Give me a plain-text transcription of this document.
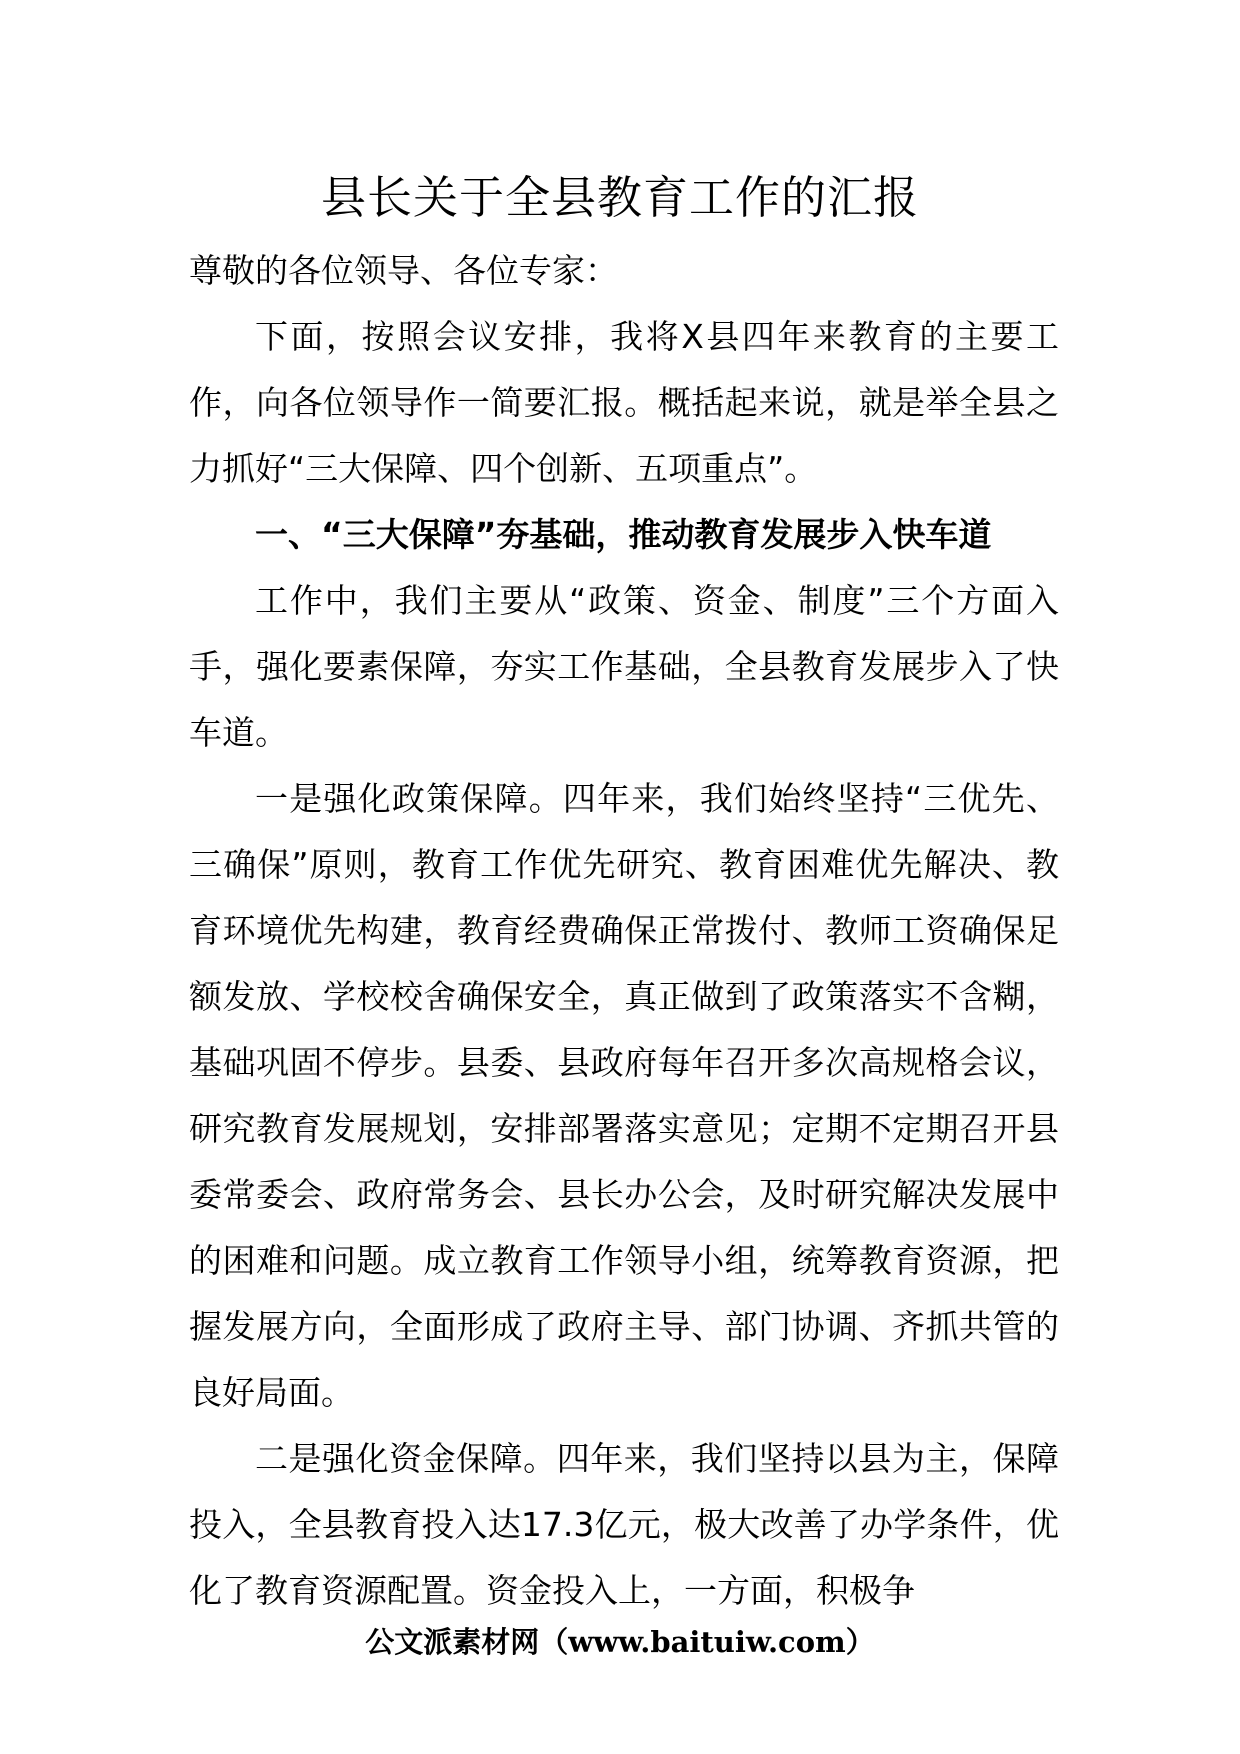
县长关于全县教育工作的汇报

尊敬的各位领导、各位专家：

下面，按照会议安排，我将X县四年来教育的主要工作，向各位领导作一简要汇报。概括起来说，就是举全县之力抓好“三大保障、四个创新、五项重点”。

一、“三大保障”夯基础，推动教育发展步入快车道

工作中，我们主要从“政策、资金、制度”三个方面入手，强化要素保障，夯实工作基础，全县教育发展步入了快车道。

一是强化政策保障。四年来，我们始终坚持“三优先、三确保”原则，教育工作优先研究、教育困难优先解决、教育环境优先构建，教育经费确保正常拨付、教师工资确保足额发放、学校校舍确保安全，真正做到了政策落实不含糊，基础巩固不停步。县委、县政府每年召开多次高规格会议，研究教育发展规划，安排部署落实意见；定期不定期召开县委常委会、政府常务会、县长办公会，及时研究解决发展中的困难和问题。成立教育工作领导小组，统筹教育资源，把握发展方向，全面形成了政府主导、部门协调、齐抓共管的良好局面。

二是强化资金保障。四年来，我们坚持以县为主，保障投入，全县教育投入达17.3亿元，极大改善了办学条件，优化了教育资源配置。资金投入上，一方面，积极争

公文派素材网（www.baituiw.com）
